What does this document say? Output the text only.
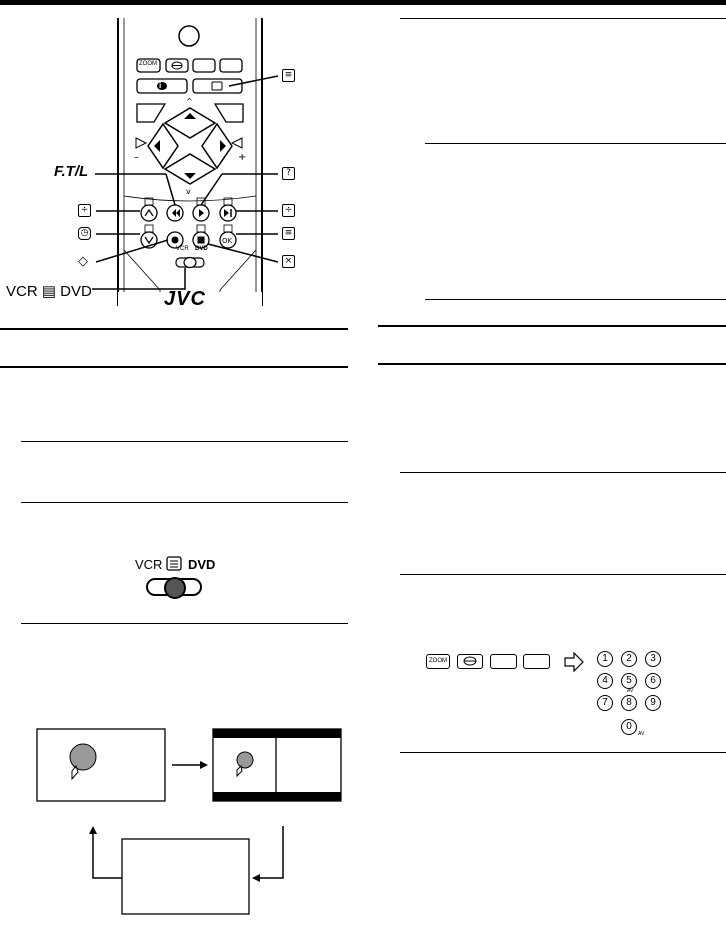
^
v
–	+
OK
ZOOM
i
VCR DVD
JVC
F.T/L
VCR ▤ DVD
÷
◷
◇
≡
?
÷
≡
×
VCR DVD
ZOOM	1	2	3
4	5	6
7	8	9
0
AV
AV
